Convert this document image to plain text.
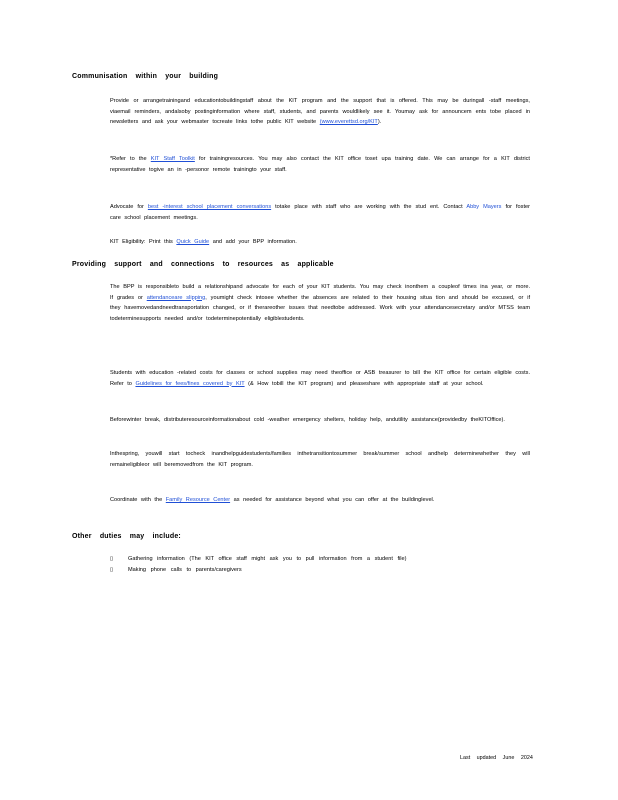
Communisation within your building
Provide or arrangetrainingand educationtobuildingstaff about the KIT program and the support that is offered. This may be duringall -staff meetings, viaemail reminders, andalsoby postinginformation where staff, students, and parents wouldlikely see it. Youmay ask for announcem ents tobe placed in newsletters and ask your webmaster tocreate links tothe public KIT website (www.everettsd.org/KIT).
*Refer to the KIT Staff Toolkit for trainingresources. You may also contact the KIT office toset upa training date. We can arrange for a KIT district representative togive an in -personor remote trainingto your staff.
Advocate for best -interest school placement conversations totake place with staff who are working with the stud ent. Contact Abby Mayers for foster care school placement meetings.
KIT Eligibility: Print this Quick Guide and add your BPP information.
Providing support and connections to resources as applicable
The BPP is responsibleto build a relationshipand advocate for each of your KIT students. You may check inonthem a coupleof times ina year, or more. If grades or attendanceare slipping, youmight check intosee whether the absences are related to their housing situa tion and should be excused, or if they havemovedandneedtransportation changed, or if therareother issues that needtobe addressed. Work with your attendancesecretary and/or MTSS team todeterminesupports needed and/or todeterminepotentially eligiblestudents.
Students with education -related costs for classes or school supplies may need theoffice or ASB treasurer to bill the KIT office for certain eligible costs. Refer to Guidelines for fees/fines covered by KIT (& How tobill the KIT program) and pleaseshare with appropriate staff at your school.
Beforewinter break, distributeresourceinformationabout cold -weather emergency shelters, holiday help, andutility assistance(providedby theKITOffice).
Inthespring, youwill start tocheck inandhelpguidestudents/families inthetransitiontosummer break/summer school andhelp determinewhether they will remaineligibleor will beremovedfrom the KIT program.
Coordinate with the Family Resource Center as needed for assistance beyond what you can offer at the buildinglevel.
Other duties may include:
▯	Gathering information (The KIT office staff might ask you to pull information from a student file)
▯	Making phone calls to parents/caregivers
Last updated June 2024
